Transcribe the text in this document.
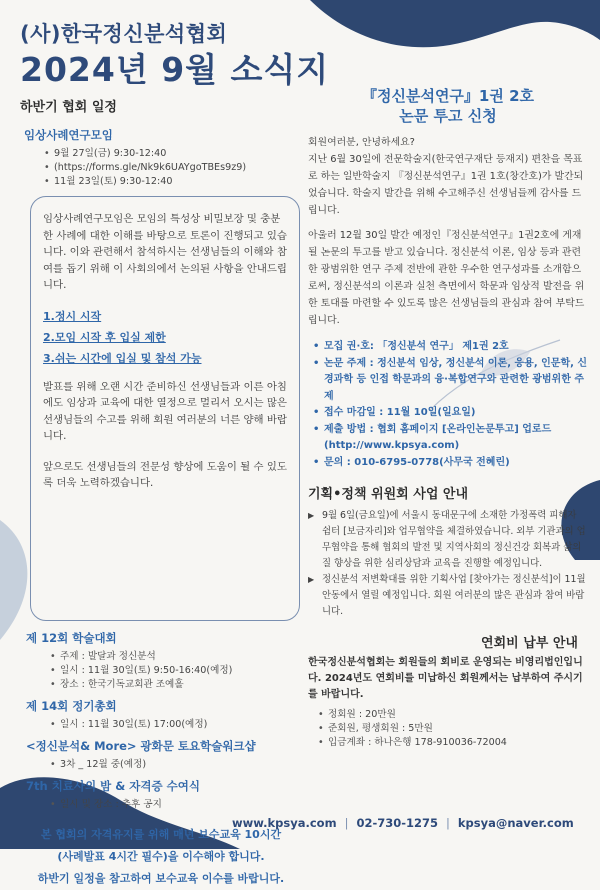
(사)한국정신분석협회
2024년 9월 소식지
하반기 협회 일정
임상사례연구모임
• 9월 27일(금) 9:30-12:40
• (https://forms.gle/Nk9k6UAYgoTBEs9z9)
• 11월 23일(토) 9:30-12:40

임상사례연구모임은 모임의 특성상 비밀보장 및 충분한 사례에 대한 이해를 바탕으로 토론이 진행되고 있습니다. 이와 관련해서 참석하시는 선생님들의 이해와 참여를 돕기 위해 이 사회의에서 논의된 사항을 안내드립니다.

1.정시 시작
2.모임 시작 후 입실 제한
3.쉬는 시간에 입실 및 참석 가능

발표를 위해 오랜 시간 준비하신 선생님들과 이른 아침에도 임상과 교육에 대한 열정으로 멀리서 오시는 많은 선생님들의 수고를 위해 회원 여러분의 너른 양해 바랍니다.

앞으로도 선생님들의 전문성 향상에 도움이 될 수 있도록 더욱 노력하겠습니다.

제 12회 학술대회
• 주제 : 발달과 정신분석
• 일시 : 11월 30일(토) 9:50-16:40(예정)
• 장소 : 한국기독교회관 조예홀
제 14회 정기총회
• 일시 : 11월 30일(토) 17:00(예정)
<정신분석& More> 광화문 토요학술워크샵
• 3차 _ 12월 중(예정)
7th 치료사의 밤 & 자격증 수여식
• 일시 및 장소 : 추후 공지
본 협회의 자격유지를 위해 매년 보수교육 10시간
(사례발표 4시간 필수)을 이수해야 합니다.
하반기 일정을 참고하여 보수교육 이수를 바랍니다.
『정신분석연구』1권 2호
논문 투고 신청
회원여러분, 안녕하세요?
지난 6월 30일에 전문학술지(한국연구재단 등재지) 편찬을 목표로 하는 일반학술지 『정신분석연구』1권 1호(창간호)가 발간되었습니다. 학술지 발간을 위해 수고해주신 선생님들께 감사를 드립니다.
아울러 12월 30일 발간 예정인『정신분석연구』1권2호에 게재될 논문의 투고를 받고 있습니다. 정신분석 이론, 임상 등과 관련한 광범위한 연구 주제 전반에 관한 우수한 연구성과를 소개함으로써, 정신분석의 이론과 실천 측면에서 학문과 임상적 발전을 위한 토대를 마련할 수 있도록 많은 선생님들의 관심과 참여 부탁드립니다.
• 모집 권·호: 「정신분석 연구」 제1권 2호
• 논문 주제 : 정신분석 임상, 정신분석 이론, 응용, 인문학, 신경과학 등 인접 학문과의 융·복합연구와 관련한 광범위한 주제
• 접수 마감일 : 11월 10일(일요일)
• 제출 방법 : 협회 홈페이지 [온라인논문투고] 업로드 (http://www.kpsya.com)
• 문의 : 010-6795-0778(사무국 전혜린)
기획•정책 위원회 사업 안내
▶ 9월 6일(금요일)에 서울시 동대문구에 소재한 가정폭력 피해자 쉼터 [보금자리]와 업무협약을 체결하였습니다. 외부 기관과의 업무협약을 통해 협회의 발전 및 지역사회의 정신건강 회복과 삶의 질 향상을 위한 심리상담과 교육을 진행할 예정입니다.
▶ 정신분석 저변확대를 위한 기획사업 [찾아가는 정신분석]이 11월 안동에서 열릴 예정입니다. 회원 여러분의 많은 관심과 참여 바랍니다.
연회비 납부 안내
한국정신분석협회는 회원들의 회비로 운영되는 비영리법인입니다. 2024년도 연회비를 미납하신 회원께서는 납부하여 주시기를 바랍니다.
• 정회원 : 20만원
• 준회원, 평생회원 : 5만원
• 입금계좌 : 하나은행 178-910036-72004
www.kpsya.com | 02-730-1275 | kpsya@naver.com
